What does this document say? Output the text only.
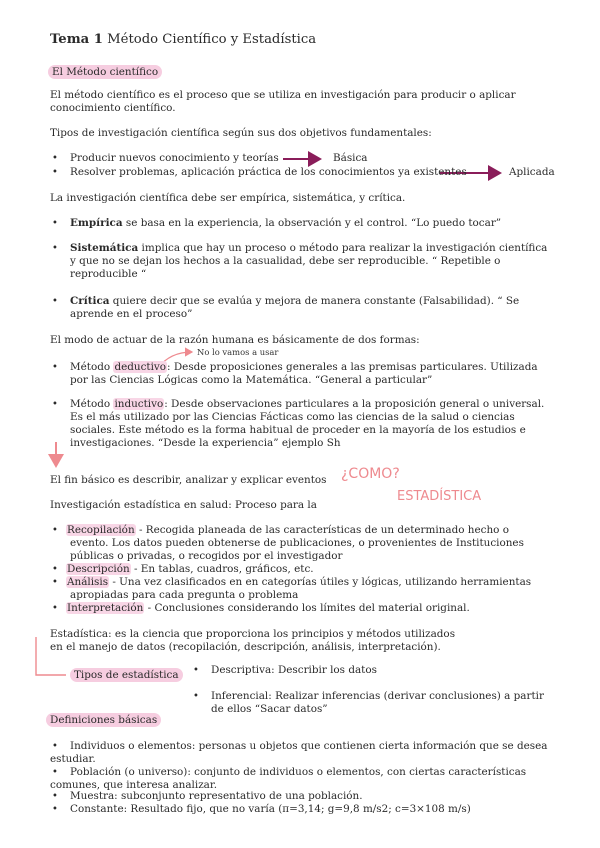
Tema 1 Método Científico y Estadística
El Método científico
El método científico es el proceso que se utiliza en investigación para producir o aplicar
conocimiento científico.
Tipos de investigación científica según sus dos objetivos fundamentales:
• Producir nuevos conocimiento y teorías	Básica
• Resolver problemas, aplicación práctica de los conocimientos ya existentes	Aplicada
La investigación científica debe ser empírica, sistemática, y crítica.
• Empírica se basa en la experiencia, la observación y el control. “Lo puedo tocar”
• Sistemática implica que hay un proceso o método para realizar la investigación científica
y que no se dejan los hechos a la casualidad, debe ser reproducible. “ Repetible o
reproducible “
• Crítica quiere decir que se evalúa y mejora de manera constante (Falsabilidad). “ Se
aprende en el proceso”
El modo de actuar de la razón humana es básicamente de dos formas:
No lo vamos a usar
• Método deductivo: Desde proposiciones generales a las premisas particulares. Utilizada
por las Ciencias Lógicas como la Matemática. “General a particular”
• Método inductivo: Desde observaciones particulares a la proposición general o universal.
Es el más utilizado por las Ciencias Fácticas como las ciencias de la salud o ciencias
sociales. Este método es la forma habitual de proceder en la mayoría de los estudios e
investigaciones. “Desde la experiencia” ejemplo Sh
El fin básico es describir, analizar y explicar eventos ¿COMO?
ESTADÍSTICA
Investigación estadística en salud: Proceso para la
• Recopilación - Recogida planeada de las características de un determinado hecho o
evento. Los datos pueden obtenerse de publicaciones, o provenientes de Instituciones
públicas o privadas, o recogidos por el investigador
• Descripción - En tablas, cuadros, gráficos, etc.
• Análisis - Una vez clasificados en en categorías útiles y lógicas, utilizando herramientas
apropiadas para cada pregunta o problema
• Interpretación - Conclusiones considerando los límites del material original.
Estadística: es la ciencia que proporciona los principios y métodos utilizados
en el manejo de datos (recopilación, descripción, análisis, interpretación).
Tipos de estadística	• Descriptiva: Describir los datos
• Inferencial: Realizar inferencias (derivar conclusiones) a partir
de ellos “Sacar datos”
Definiciones básicas
• Individuos o elementos: personas u objetos que contienen cierta información que se desea
estudiar.
• Población (o universo): conjunto de individuos o elementos, con ciertas características
comunes, que interesa analizar.
• Muestra: subconjunto representativo de una población.
• Constante: Resultado fijo, que no varía (π=3,14; g=9,8 m/s2; c=3×108 m/s)
